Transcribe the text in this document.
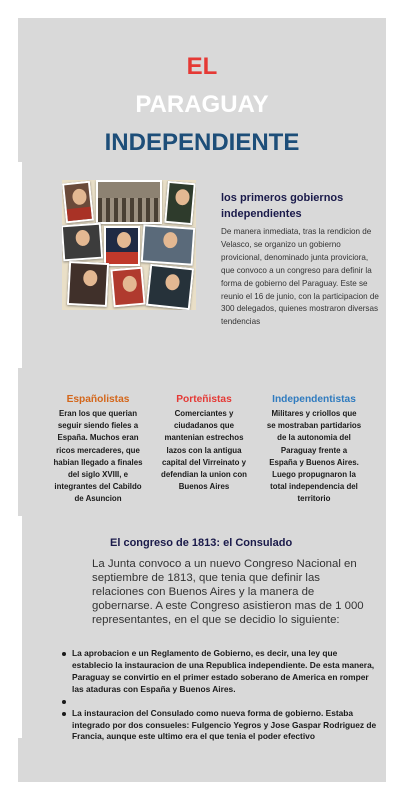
EL
PARAGUAY
INDEPENDIENTE
los primeros gobiernos independientes
De manera inmediata, tras la rendicion de Velasco, se organizo un gobierno provicional, denominado junta proviciora, que convoco a un congreso para definir la forma de gobierno del Paraguay. Este se reunio el 16 de junio, con la participacion de 300 delegados, quienes mostraron diversas tendencias
Españolistas

Eran los que querian seguir siendo fieles a España. Muchos eran ricos mercaderes, que habian llegado a finales del siglo XVIII, e integrantes del Cabildo de Asuncion

Porteñistas

Comerciantes y ciudadanos que mantenian estrechos lazos con la antigua capital del Virreinato y defendian la union con Buenos Aires

Independentistas

Militares y criollos que se mostraban partidarios de la autonomia del Paraguay frente a España y Buenos Aires. Luego propugnaron la total independencia del territorio

El congreso de 1813: el Consulado
La Junta convoco a un nuevo Congreso Nacional en septiembre de 1813, que tenia que definir las relaciones con Buenos Aires y la manera de gobernarse. A este Congreso asistieron mas de 1 000 representantes, en el que se decidio lo siguiente:
La aprobacion e un Reglamento de Gobierno, es decir, una ley que establecio la instauracion de una Republica independiente. De esta manera, Paraguay se convirtio en el primer estado soberano de America en romper las ataduras con España y Buenos Aires.
La instauracion del Consulado como nueva forma de gobierno. Estaba integrado por dos consueles: Fulgencio Yegros y Jose Gaspar Rodriguez de Francia, aunque este ultimo era el que tenia el poder efectivo
